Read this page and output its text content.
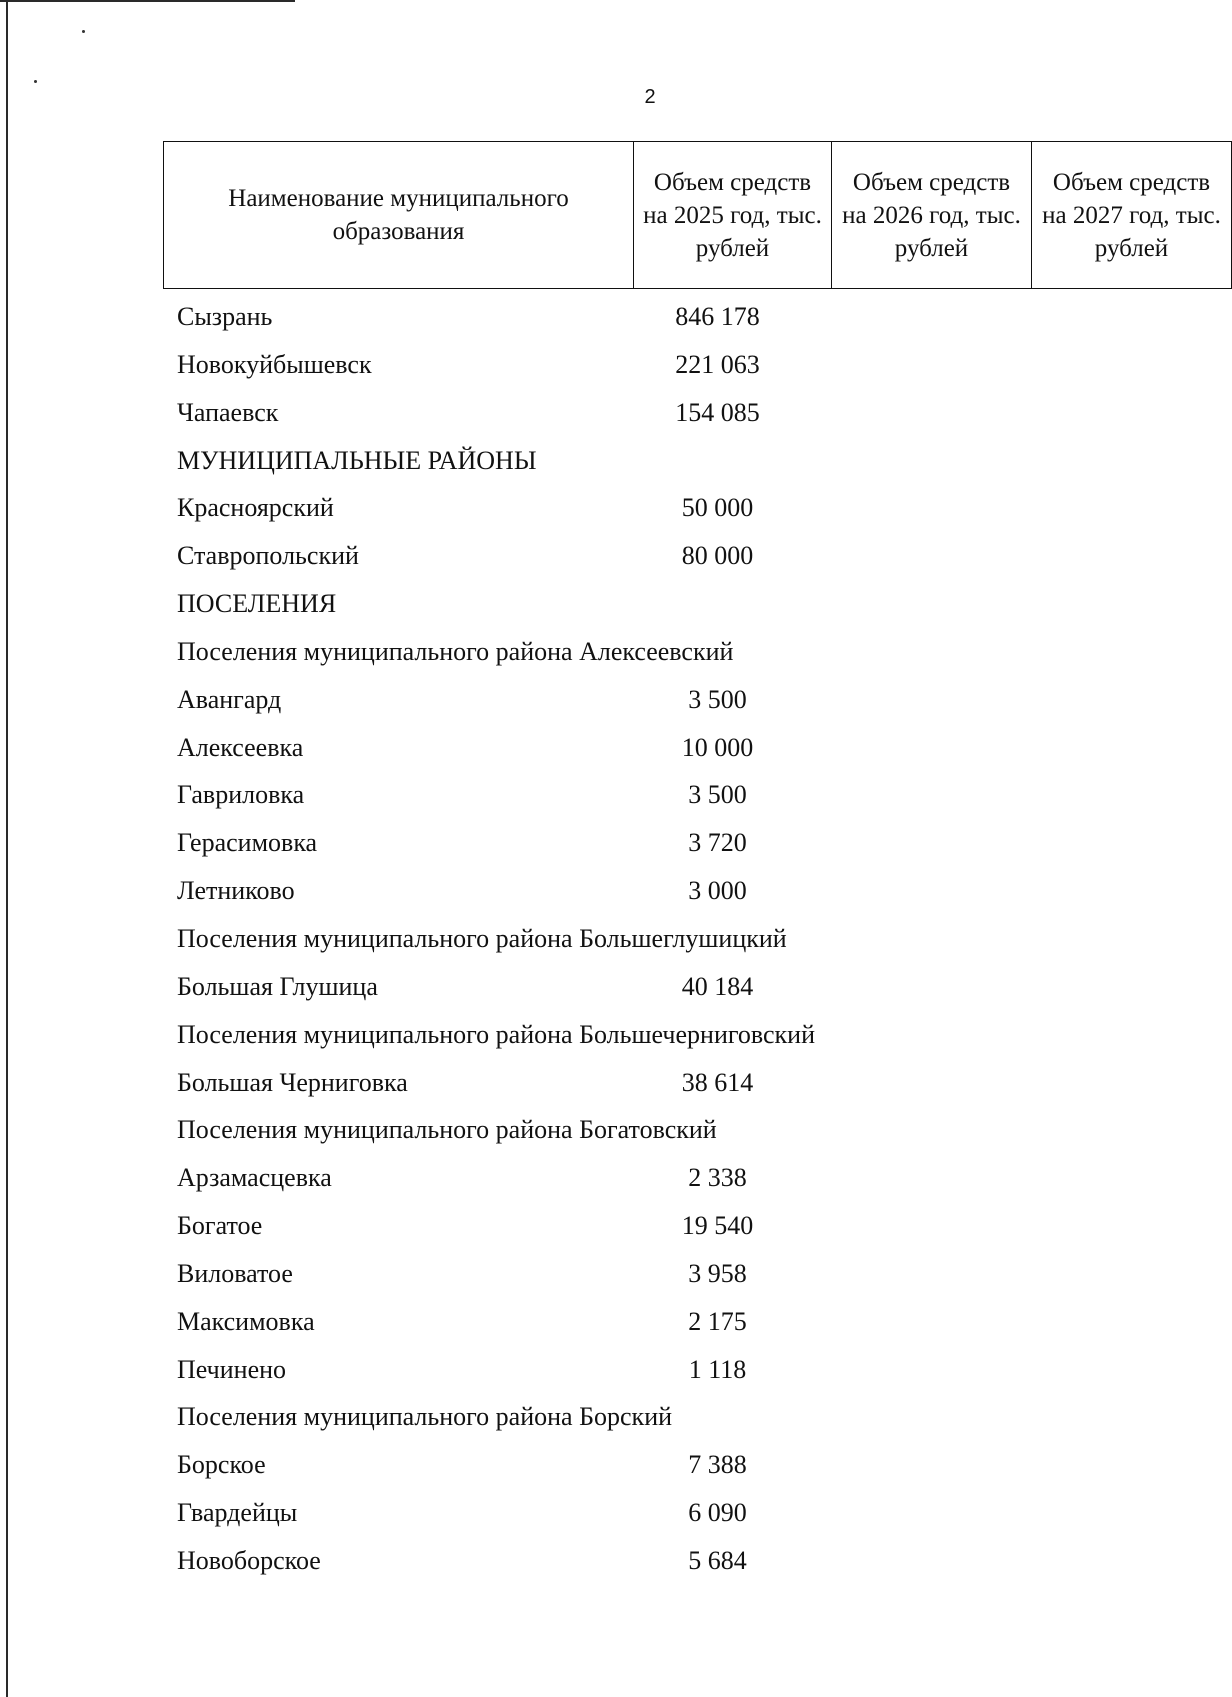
2
Наименование муниципального образования	Объем средств на 2025 год, тыс. рублей	Объем средств на 2026 год, тыс. рублей	Объем средств на 2027 год, тыс. рублей
Сызрань	846 178
Новокуйбышевск	221 063
Чапаевск	154 085
МУНИЦИПАЛЬНЫЕ РАЙОНЫ
Красноярский	50 000
Ставропольский	80 000
ПОСЕЛЕНИЯ
Поселения муниципального района Алексеевский
Авангард	3 500
Алексеевка	10 000
Гавриловка	3 500
Герасимовка	3 720
Летниково	3 000
Поселения муниципального района Большеглушицкий
Большая Глушица	40 184
Поселения муниципального района Большечерниговский
Большая Черниговка	38 614
Поселения муниципального района Богатовский
Арзамасцевка	2 338
Богатое	19 540
Виловатое	3 958
Максимовка	2 175
Печинено	1 118
Поселения муниципального района Борский
Борское	7 388
Гвардейцы	6 090
Новоборское	5 684
